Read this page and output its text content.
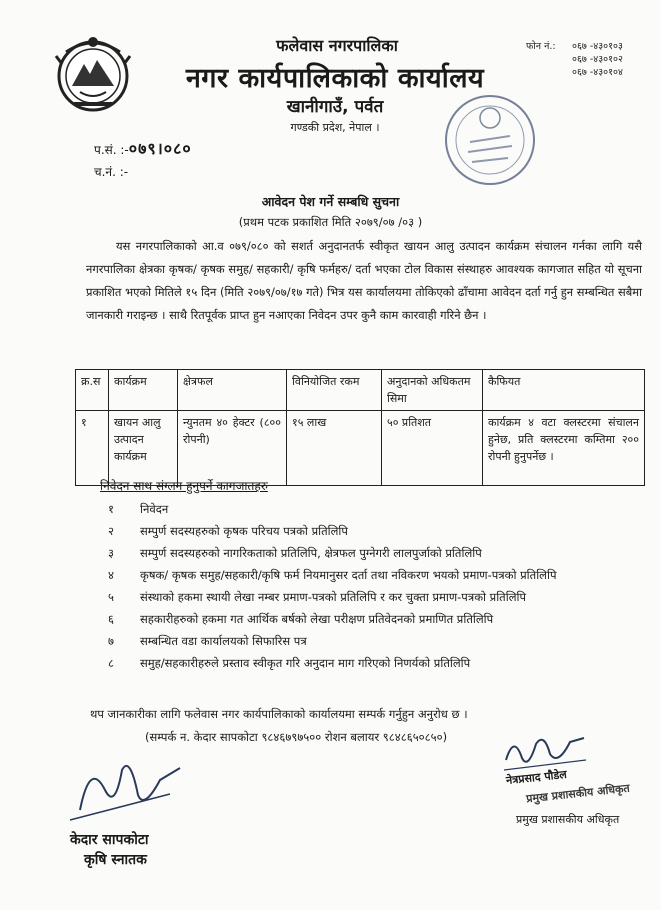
फलेवास नगरपालिका
नगर कार्यपालिकाको कार्यालय
खानीगाउँ, पर्वत
गण्डकी प्रदेश, नेपाल ।
फोन नं.: ०६७ -४३०१०३
०६७ -४३०१०२
०६७ -४३०१०४
प.सं. :-०७९।०८०
च.नं. :-
आवेदन पेश गर्ने सम्बधि सुचना
(प्रथम पटक प्रकाशित मिति २०७९/०७ /०३ )
यस नगरपालिकाको आ.व ०७९/०८० को सशर्त अनुदानतर्फ स्वीकृत खायन आलु उत्पादन कार्यक्रम संचालन गर्नका लागि यसै नगरपालिका क्षेत्रका कृषक/ कृषक समुह/ सहकारी/ कृषि फर्महरु/ दर्ता भएका टोल विकास संस्थाहरु आवश्यक कागजात सहित यो सूचना प्रकाशित भएको मितिले १५ दिन (मिति २०७९/०७/१७ गते) भित्र यस कार्यालयमा तोकिएको ढाँचामा आवेदन दर्ता गर्नु हुन सम्बन्धित सबैमा जानकारी गराइन्छ । साथै रितपूर्वक प्राप्त हुन नआएका निवेदन उपर कुनै काम कारवाही गरिने छैन ।
क्र.स	कार्यक्रम	क्षेत्रफल	विनियोजित रकम	अनुदानको अधिकतम सिमा	कैफियत
१	खायन आलु उत्पादन कार्यक्रम	न्युनतम ४० हेक्टर (८०० रोपनी)	१५ लाख	५० प्रतिशत	कार्यक्रम ४ वटा क्लस्टरमा संचालन हुनेछ, प्रति क्लस्टरमा कम्तिमा २०० रोपनी हुनुपर्नेछ ।
निवेदन साथ संग्लन हुनुपर्ने कागजातहरु
१	निवेदन
२	सम्पुर्ण सदस्यहरुको कृषक परिचय पत्रको प्रतिलिपि
३	सम्पुर्ण सदस्यहरुको नागरिकताको प्रतिलिपि, क्षेत्रफल पुग्नेगरी लालपुर्जाको प्रतिलिपि
४	कृषक/ कृषक समुह/सहकारी/कृषि फर्म नियमानुसर दर्ता तथा नविकरण भयको प्रमाण-पत्रको प्रतिलिपि
५	संस्थाको हकमा स्थायी लेखा नम्बर प्रमाण-पत्रको प्रतिलिपि र कर चुक्ता प्रमाण-पत्रको प्रतिलिपि
६	सहकारीहरुको हकमा गत आर्थिक बर्षको लेखा परीक्षण प्रतिवेदनको प्रमाणित प्रतिलिपि
७	सम्बन्धित वडा कार्यालयको सिफारिस पत्र
८	समुह/सहकारीहरुले प्रस्ताव स्वीकृत गरि अनुदान माग गरिएको निणर्यको प्रतिलिपि
थप जानकारीका लागि फलेवास नगर कार्यपालिकाको कार्यालयमा सम्पर्क गर्नुहुन अनुरोध छ ।
(सम्पर्क न. केदार सापकोटा ९८४६७९७५०० रोशन बलायर ९८४८६५०८५०)
केदार सापकोटा
कृषि स्नातक
नेत्रप्रसाद पौडेल
प्रमुख प्रशासकीय अधिकृत
प्रमुख प्रशासकीय अधिकृत
